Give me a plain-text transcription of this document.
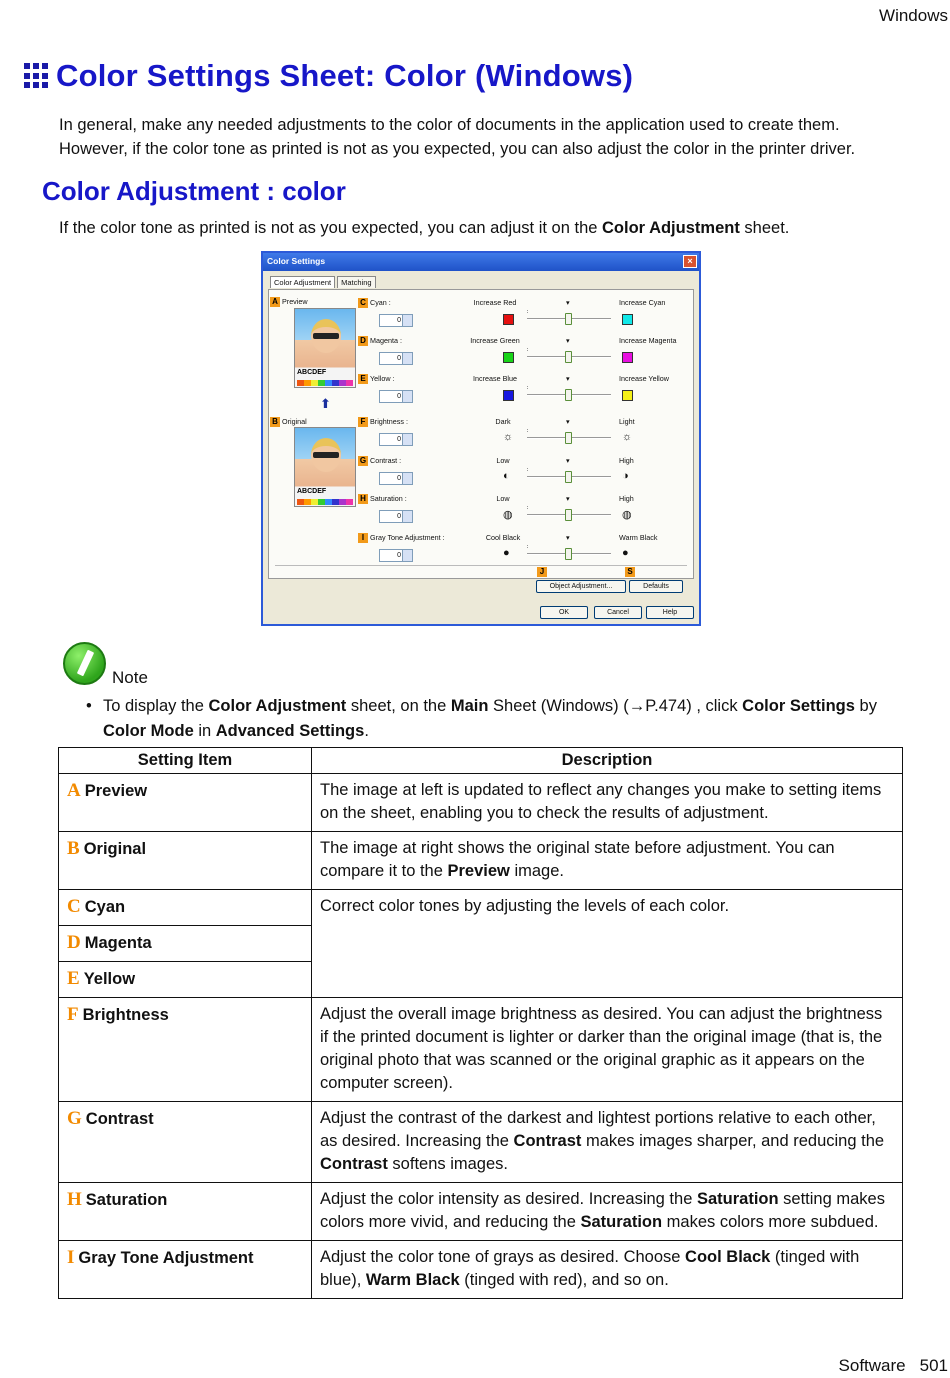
Windows
Color Settings Sheet: Color (Windows)
In general, make any needed adjustments to the color of documents in the application used to create them.
However, if the color tone as printed is not as you expected, you can also adjust the color in the printer driver.
Color Adjustment : color
If the color tone as printed is not as you expected, you can adjust it on the Color Adjustment sheet.
Color Settings	×
Color Adjustment	Matching
A Preview
ABCDEF
⬆
B Original
ABCDEF
C Cyan :
0
Increase Red	Increase Cyan
▾
D Magenta :
0
Increase Green	Increase Magenta
▾
E Yellow :
0
Increase Blue	Increase Yellow
▾
F Brightness :
0
Dark	Light
▾
☼	☼
G Contrast :
0
Low	High
▾
◐	◑
H Saturation :
0
Low	High
▾
◍	◍
I Gray Tone Adjustment :
0
Cool Black	Warm Black
▾
●	●
J	S
Object Adjustment...	Defaults
OK	Cancel	Help
Note
• To display the Color Adjustment sheet, on the Main Sheet (Windows) (→P.474) , click Color Settings by Color Mode in Advanced Settings.
Setting Item	Description
A Preview	The image at left is updated to reflect any changes you make to setting items on the sheet, enabling you to check the results of adjustment.
B Original	The image at right shows the original state before adjustment. You can compare it to the Preview image.
C Cyan	Correct color tones by adjusting the levels of each color.
D Magenta	
E Yellow	
F Brightness	Adjust the overall image brightness as desired. You can adjust the brightness if the printed document is lighter or darker than the original image (that is, the original photo that was scanned or the original graphic as it appears on the computer screen).
G Contrast	Adjust the contrast of the darkest and lightest portions relative to each other, as desired. Increasing the Contrast makes images sharper, and reducing the Contrast softens images.
H Saturation	Adjust the color intensity as desired. Increasing the Saturation setting makes colors more vivid, and reducing the Saturation makes colors more subdued.
I Gray Tone Adjustment	Adjust the color tone of grays as desired. Choose Cool Black (tinged with blue), Warm Black (tinged with red), and so on.
Software 501
